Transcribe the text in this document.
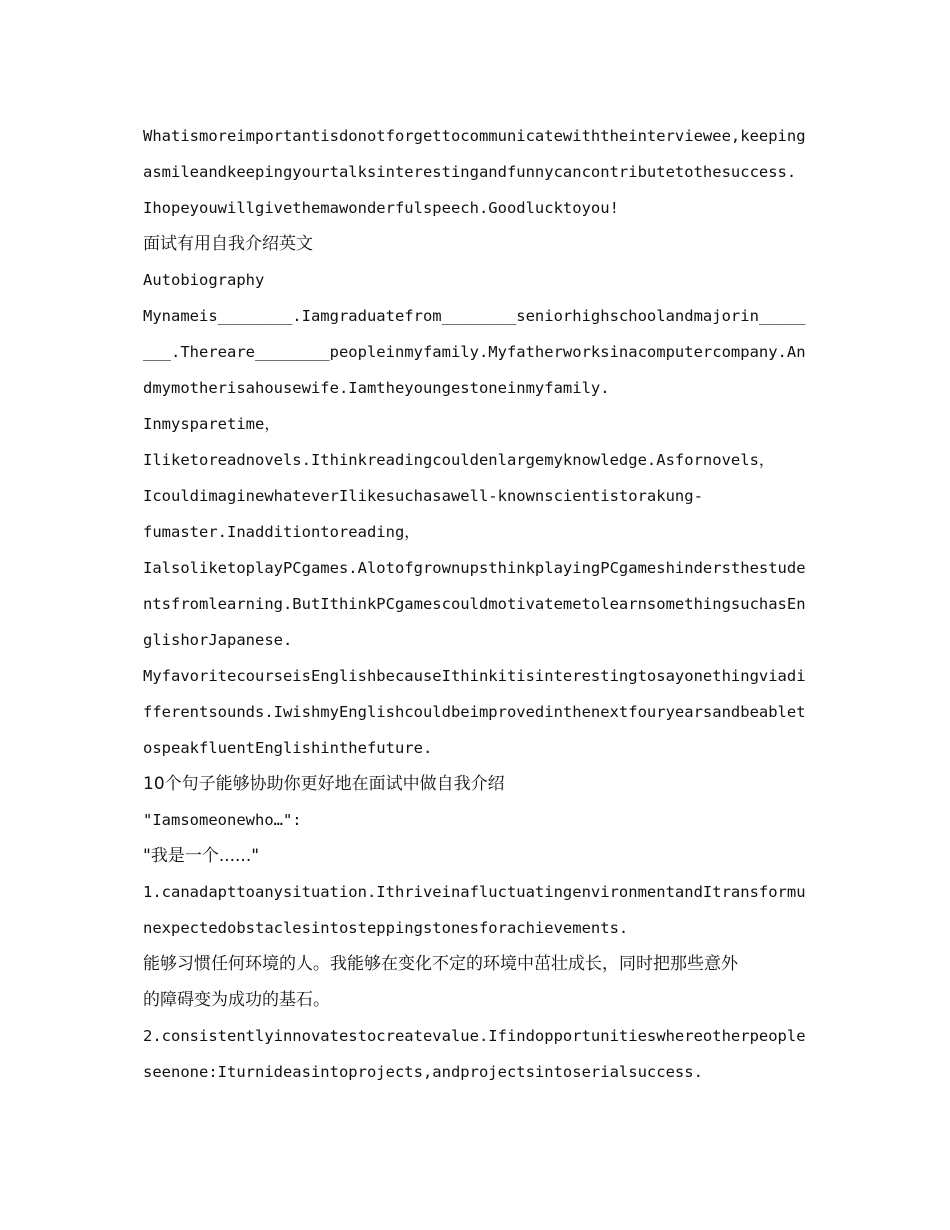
Whatismoreimportantisdonotforgettocommunicatewiththeinterviewee,keeping
asmileandkeepingyourtalksinterestingandfunnycancontributetothesuccess.
Ihopeyouwillgivethemawonderfulspeech.Goodlucktoyou!
面试有用自我介绍英文
Autobiography
Mynameis________.Iamgraduatefrom________seniorhighschoolandmajorin_____
___.Thereare________peopleinmyfamily.Myfatherworksinacomputercompany.An
dmymotherisahousewife.Iamtheyoungestoneinmyfamily.
Inmysparetime，
Iliketoreadnovels.Ithinkreadingcouldenlargemyknowledge.Asfornovels，
IcouldimaginewhateverIlikesuchasawell-knownscientistorakung-
fumaster.Inadditiontoreading，
IalsoliketoplayPCgames.AlotofgrownupsthinkplayingPCgameshindersthestude
ntsfromlearning.ButIthinkPCgamescouldmotivatemetolearnsomethingsuchasEn
glishorJapanese.
MyfavoritecourseisEnglishbecauseIthinkitisinterestingtosayonethingviadi
fferentsounds.IwishmyEnglishcouldbeimprovedinthenextfouryearsandbeablet
ospeakfluentEnglishinthefuture.
10个句子能够协助你更好地在面试中做自我介绍
"Iamsomeonewho…":
"我是一个......"
1.canadapttoanysituation.IthriveinafluctuatingenvironmentandItransformu
nexpectedobstaclesintosteppingstonesforachievements.
能够习惯任何环境的人。我能够在变化不定的环境中茁壮成长，同时把那些意外
的障碍变为成功的基石。
2.consistentlyinnovatestocreatevalue.Ifindopportunitieswhereotherpeople
seenone:Iturnideasintoprojects,andprojectsintoserialsuccess.
